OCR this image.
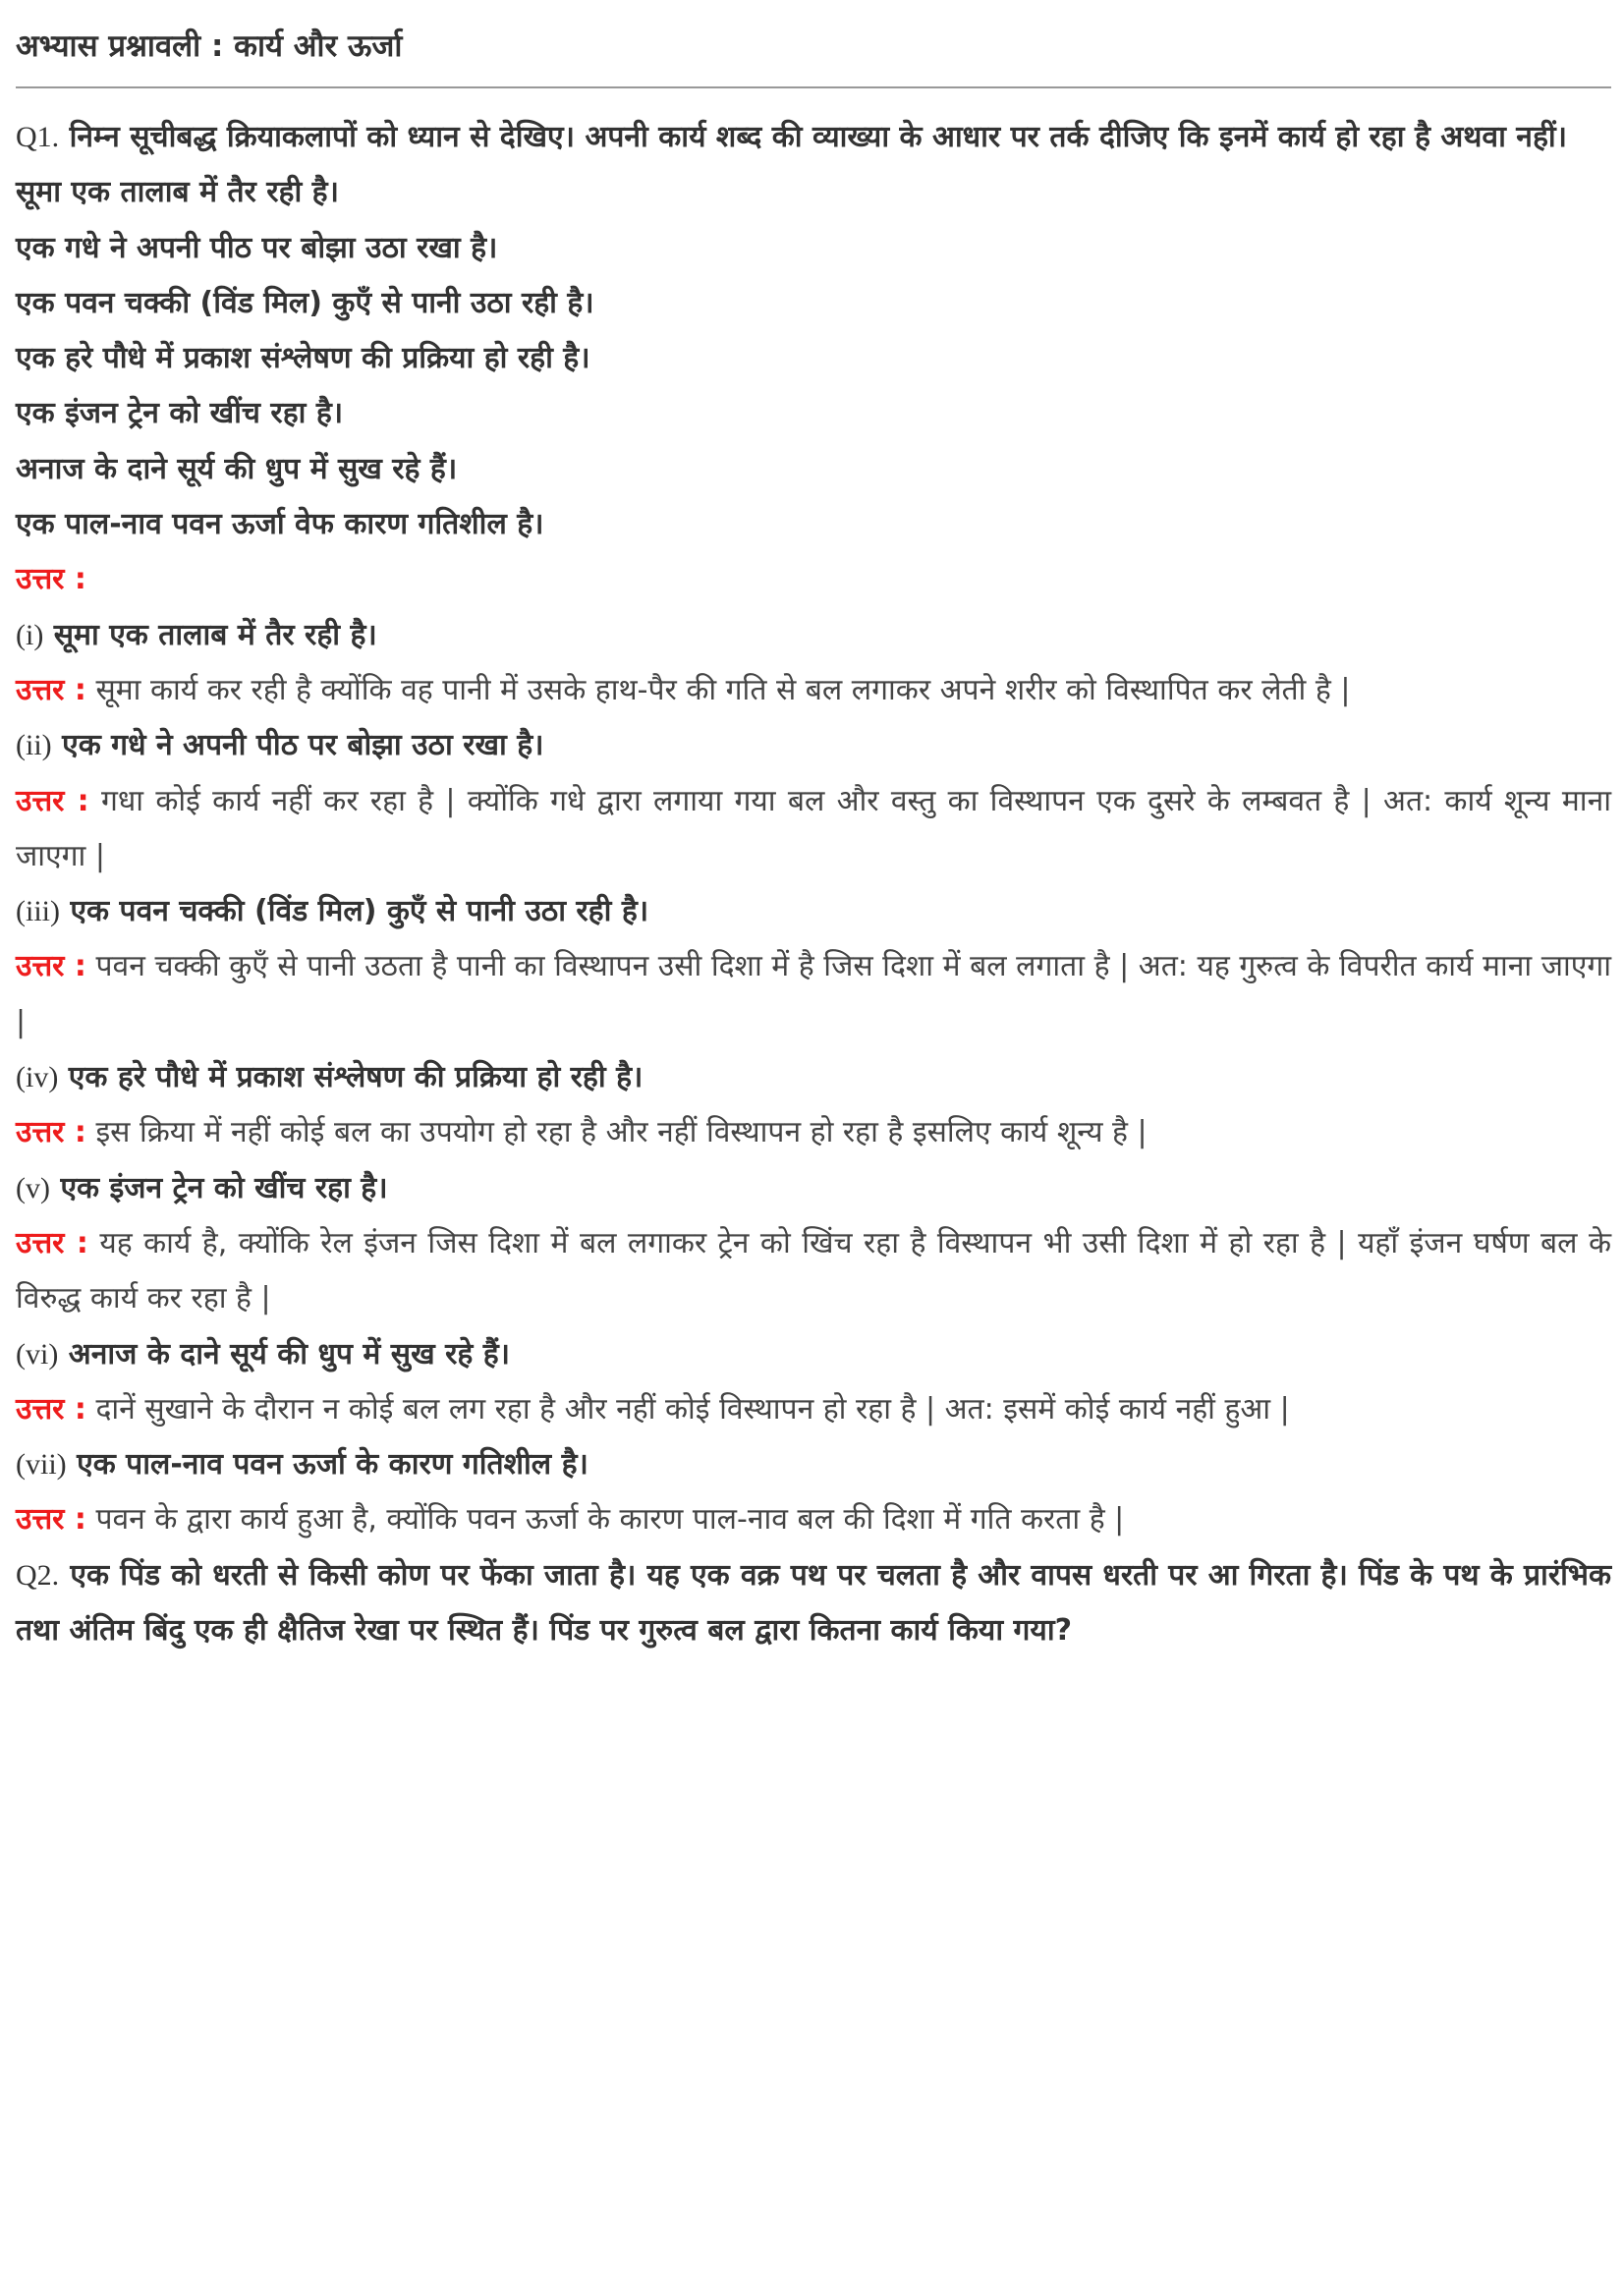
अभ्यास प्रश्नावली : कार्य और ऊर्जा

Q1. निम्न सूचीबद्ध क्रियाकलापों को ध्यान से देखिए। अपनी कार्य शब्द की व्याख्या के आधार पर तर्क दीजिए कि इनमें कार्य हो रहा है अथवा नहीं।

सूमा एक तालाब में तैर रही है।

एक गधे ने अपनी पीठ पर बोझा उठा रखा है।

एक पवन चक्की (विंड मिल) कुएँ से पानी उठा रही है।

एक हरे पौधे में प्रकाश संश्लेषण की प्रक्रिया हो रही है।

एक इंजन ट्रेन को खींच रहा है।

अनाज के दाने सूर्य की धुप में सुख रहे हैं।

एक पाल-नाव पवन ऊर्जा वेफ कारण गतिशील है।

उत्तर :

(i) सूमा एक तालाब में तैर रही है।

उत्तर : सूमा कार्य कर रही है क्योंकि वह पानी में उसके हाथ-पैर की गति से बल लगाकर अपने शरीर को विस्थापित कर लेती है |

(ii) एक गधे ने अपनी पीठ पर बोझा उठा रखा है।

उत्तर : गधा कोई कार्य नहीं कर रहा है | क्योंकि गधे द्वारा लगाया गया बल और वस्तु का विस्थापन एक दुसरे के लम्बवत है | अत: कार्य शून्य माना जाएगा |

(iii) एक पवन चक्की (विंड मिल) कुएँ से पानी उठा रही है।

उत्तर : पवन चक्की कुएँ से पानी उठता है पानी का विस्थापन उसी दिशा में है जिस दिशा में बल लगाता है | अत: यह गुरुत्व के विपरीत कार्य माना जाएगा |

(iv) एक हरे पौधे में प्रकाश संश्लेषण की प्रक्रिया हो रही है।

उत्तर : इस क्रिया में नहीं कोई बल का उपयोग हो रहा है और नहीं विस्थापन हो रहा है इसलिए कार्य शून्य है |

(v) एक इंजन ट्रेन को खींच रहा है।

उत्तर : यह कार्य है, क्योंकि रेल इंजन जिस दिशा में बल लगाकर ट्रेन को खिंच रहा है विस्थापन भी उसी दिशा में हो रहा है | यहाँ इंजन घर्षण बल के विरुद्ध कार्य कर रहा है |

(vi) अनाज के दाने सूर्य की धुप में सुख रहे हैं।

उत्तर : दानें सुखाने के दौरान न कोई बल लग रहा है और नहीं कोई विस्थापन हो रहा है | अत: इसमें कोई कार्य नहीं हुआ |

(vii) एक पाल-नाव पवन ऊर्जा के कारण गतिशील है।

उत्तर : पवन के द्वारा कार्य हुआ है, क्योंकि पवन ऊर्जा के कारण पाल-नाव बल की दिशा में गति करता है |

Q2. एक पिंड को धरती से किसी कोण पर फेंका जाता है। यह एक वक्र पथ पर चलता है और वापस धरती पर आ गिरता है। पिंड के पथ के प्रारंभिक तथा अंतिम बिंदु एक ही क्षैतिज रेखा पर स्थित हैं। पिंड पर गुरुत्व बल द्वारा कितना कार्य किया गया?
